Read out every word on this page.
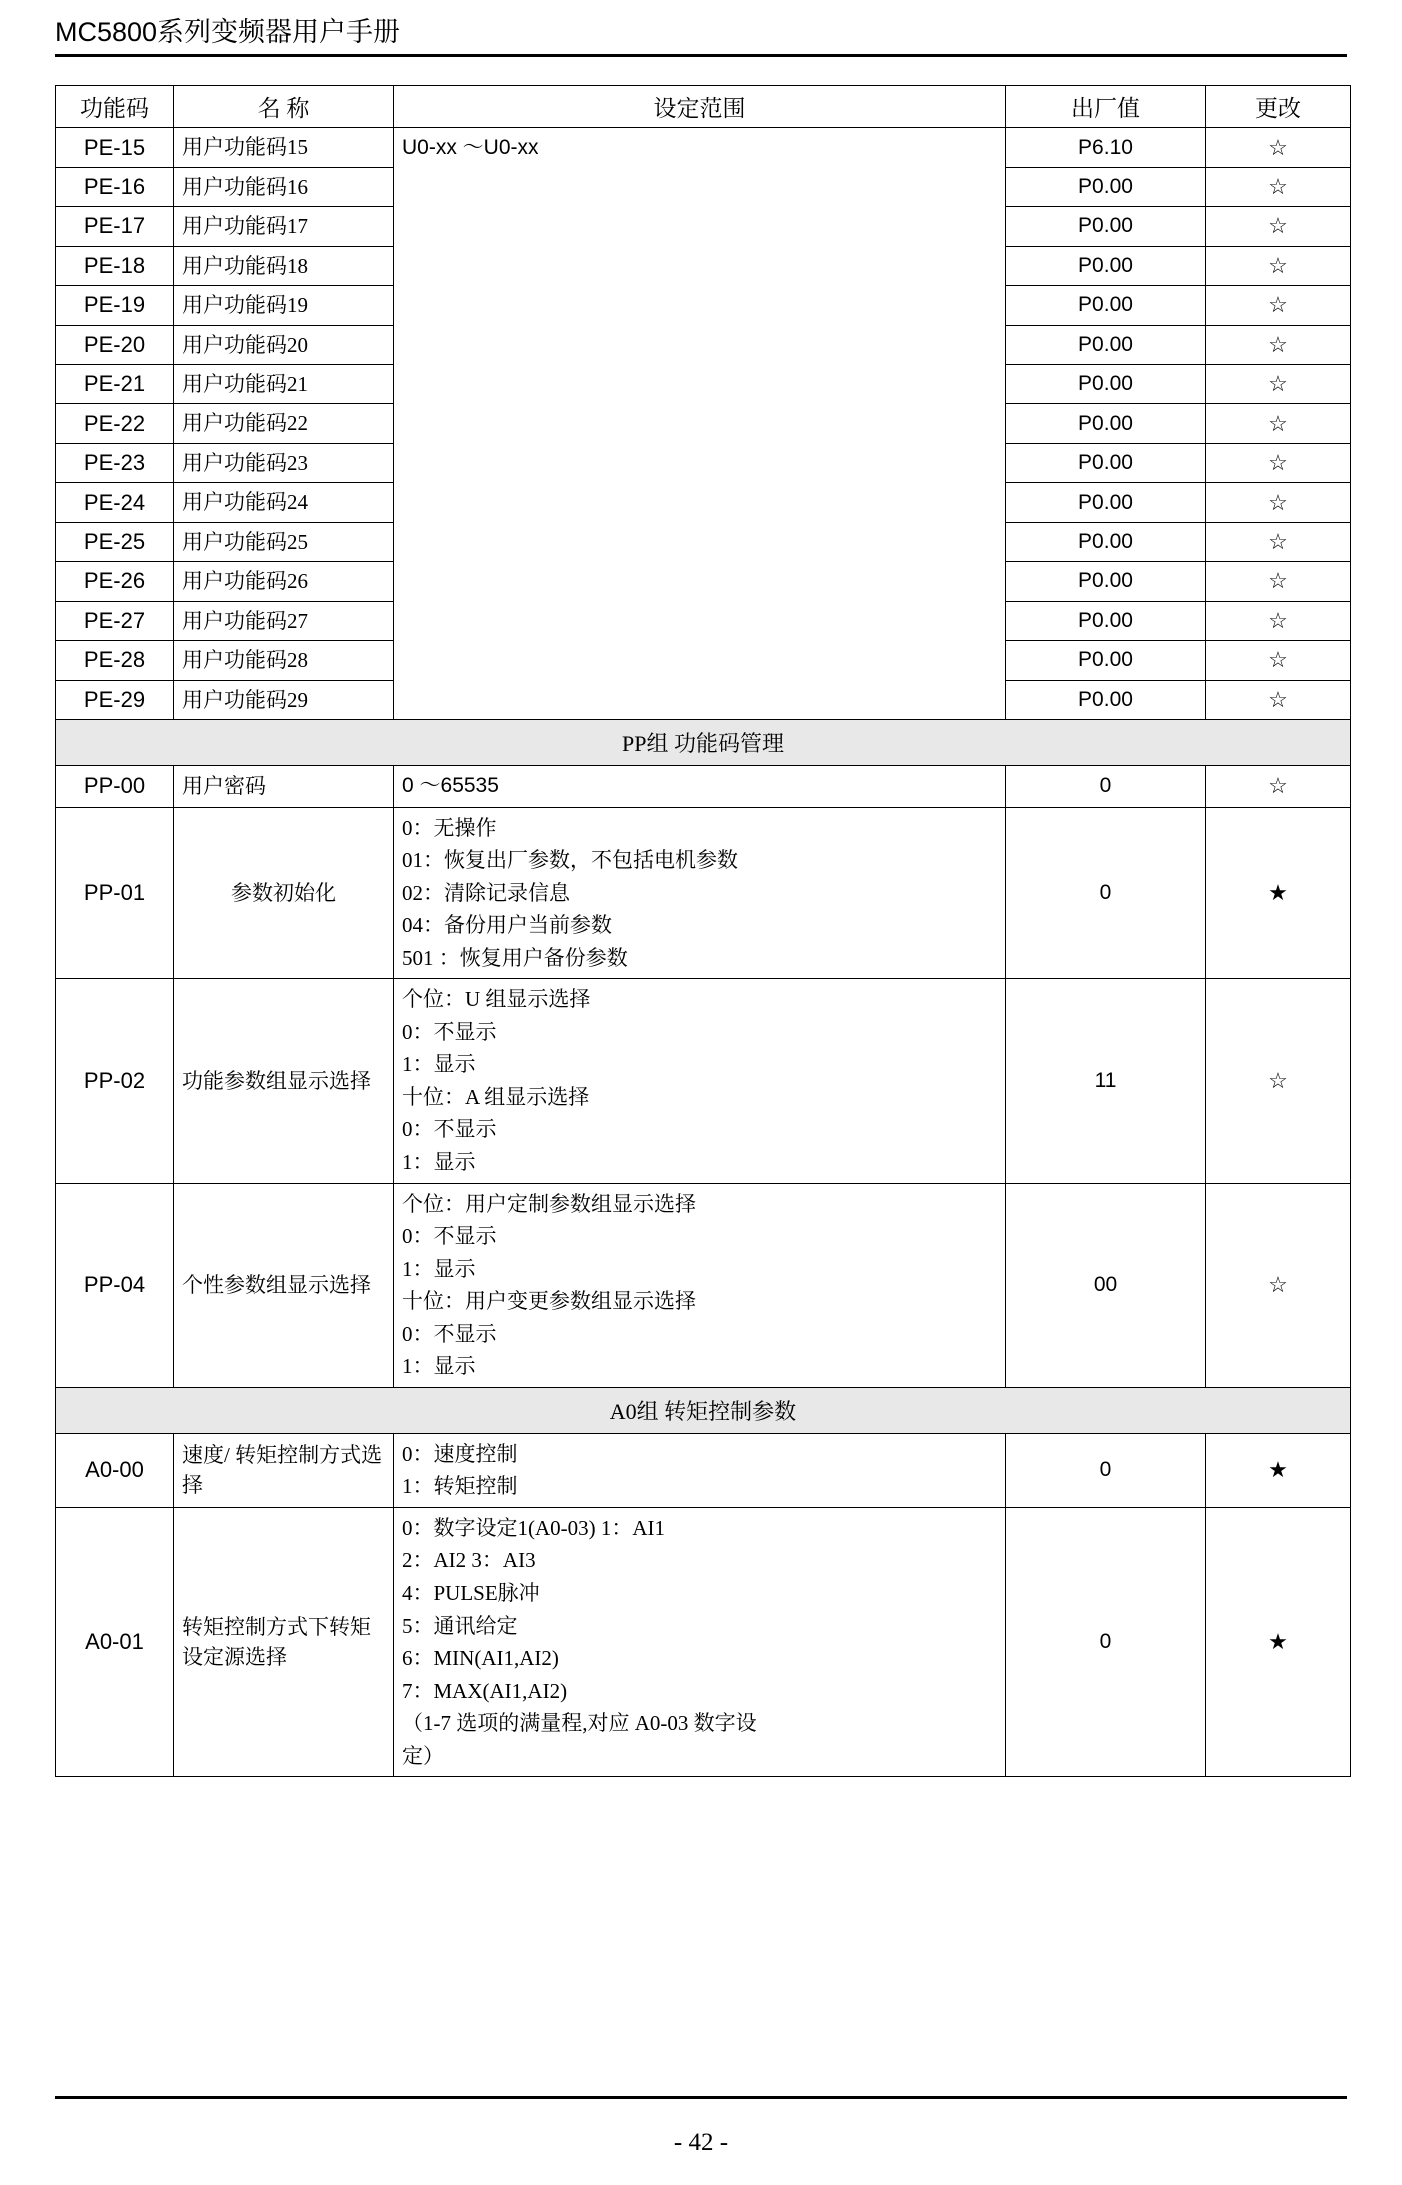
MC5800系列变频器用户手册
功能码	名 称	设定范围	出厂值	更改
PE-15	用户功能码15	U0-xx ～U0-xx	P6.10	☆
PE-16	用户功能码16		P0.00	☆
PE-17	用户功能码17		P0.00	☆
PE-18	用户功能码18		P0.00	☆
PE-19	用户功能码19		P0.00	☆
PE-20	用户功能码20		P0.00	☆
PE-21	用户功能码21		P0.00	☆
PE-22	用户功能码22		P0.00	☆
PE-23	用户功能码23		P0.00	☆
PE-24	用户功能码24		P0.00	☆
PE-25	用户功能码25		P0.00	☆
PE-26	用户功能码26		P0.00	☆
PE-27	用户功能码27		P0.00	☆
PE-28	用户功能码28		P0.00	☆
PE-29	用户功能码29		P0.00	☆
PP组 功能码管理				
PP-00	用户密码	0 ～65535	0	☆
PP-01	参数初始化	0：无操作
01：恢复出厂参数，不包括电机参数
02：清除记录信息
04：备份用户当前参数
501 ：恢复用户备份参数	0	★
PP-02	功能参数组显示选择	
个位：U 组显示选择
0：不显示
1：显示
十位：A 组显示选择
0：不显示
1：显示
	11	☆
PP-04	个性参数组显示选择	
个位：用户定制参数组显示选择
0：不显示
1：显示
十位：用户变更参数组显示选择
0：不显示
1：显示
	00	☆
A0组 转矩控制参数				
A0-00	速度/ 转矩控制方式选择	0：速度控制
1：转矩控制	0	★
A0-01	转矩控制方式下转矩设定源选择	
0：数字设定1(A0-03) 1：AI1
2：AI2 3：AI3
4：PULSE脉冲
5：通讯给定
6：MIN(AI1,AI2)
7：MAX(AI1,AI2)
（1-7 选项的满量程,对应 A0-03 数字设
定）
	0	★
- 42 -
